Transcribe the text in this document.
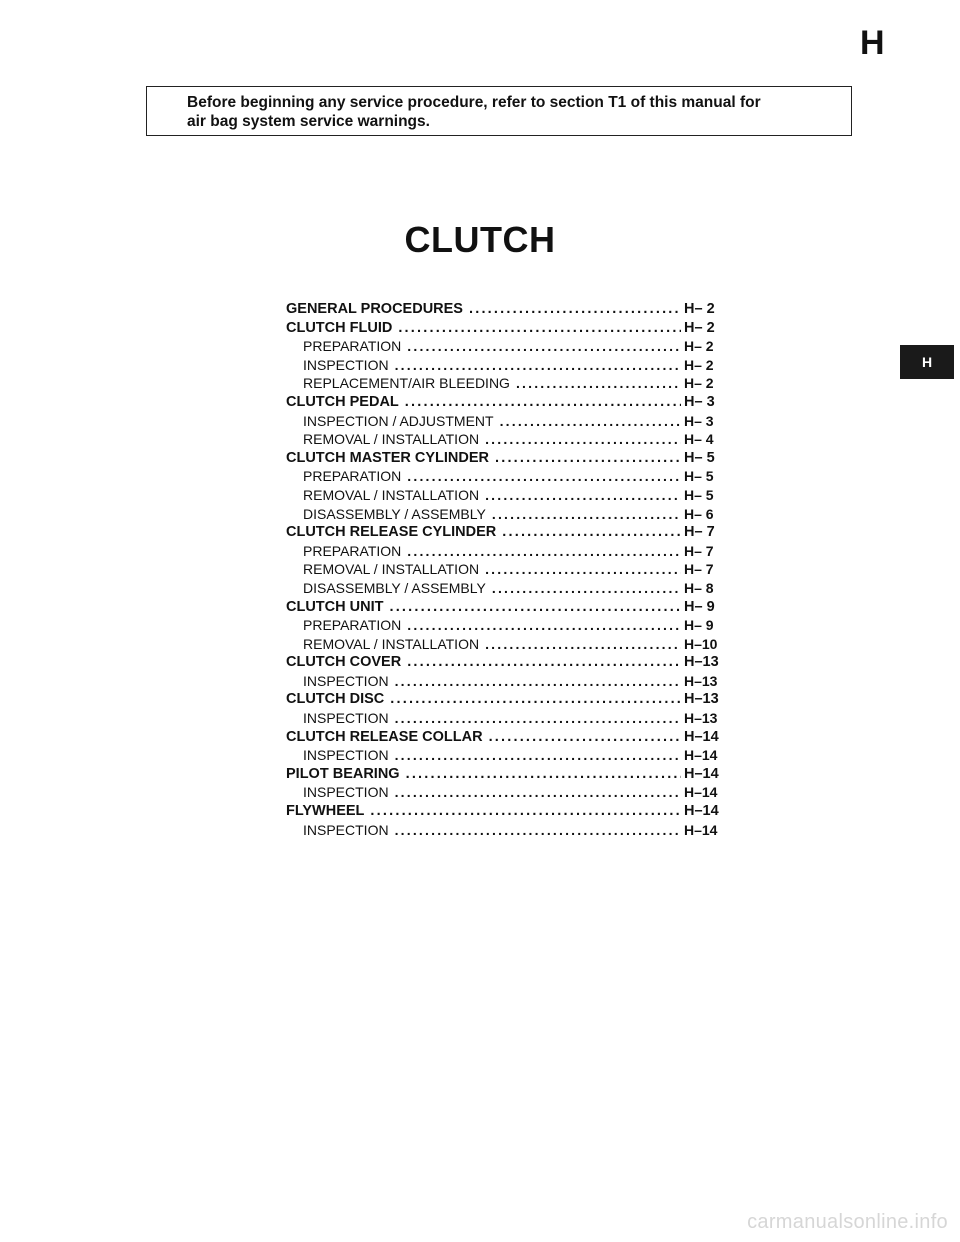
H
Before beginning any service procedure, refer to section T1 of this manual for
air bag system service warnings.
CLUTCH
H
GENERAL PROCEDURES .....	H– 2
CLUTCH FLUID .....	H– 2
PREPARATION .....	H– 2
INSPECTION .....	H– 2
REPLACEMENT/AIR BLEEDING .....	H– 2
CLUTCH PEDAL .....	H– 3
INSPECTION / ADJUSTMENT .....	H– 3
REMOVAL / INSTALLATION .....	H– 4
CLUTCH MASTER CYLINDER .....	H– 5
PREPARATION .....	H– 5
REMOVAL / INSTALLATION .....	H– 5
DISASSEMBLY / ASSEMBLY .....	H– 6
CLUTCH RELEASE CYLINDER .....	H– 7
PREPARATION .....	H– 7
REMOVAL / INSTALLATION .....	H– 7
DISASSEMBLY / ASSEMBLY .....	H– 8
CLUTCH UNIT .....	H– 9
PREPARATION .....	H– 9
REMOVAL / INSTALLATION .....	H–10
CLUTCH COVER .....	H–13
INSPECTION .....	H–13
CLUTCH DISC .....	H–13
INSPECTION .....	H–13
CLUTCH RELEASE COLLAR .....	H–14
INSPECTION .....	H–14
PILOT BEARING .....	H–14
INSPECTION .....	H–14
FLYWHEEL .....	H–14
INSPECTION .....	H–14
carmanualsonline.info
